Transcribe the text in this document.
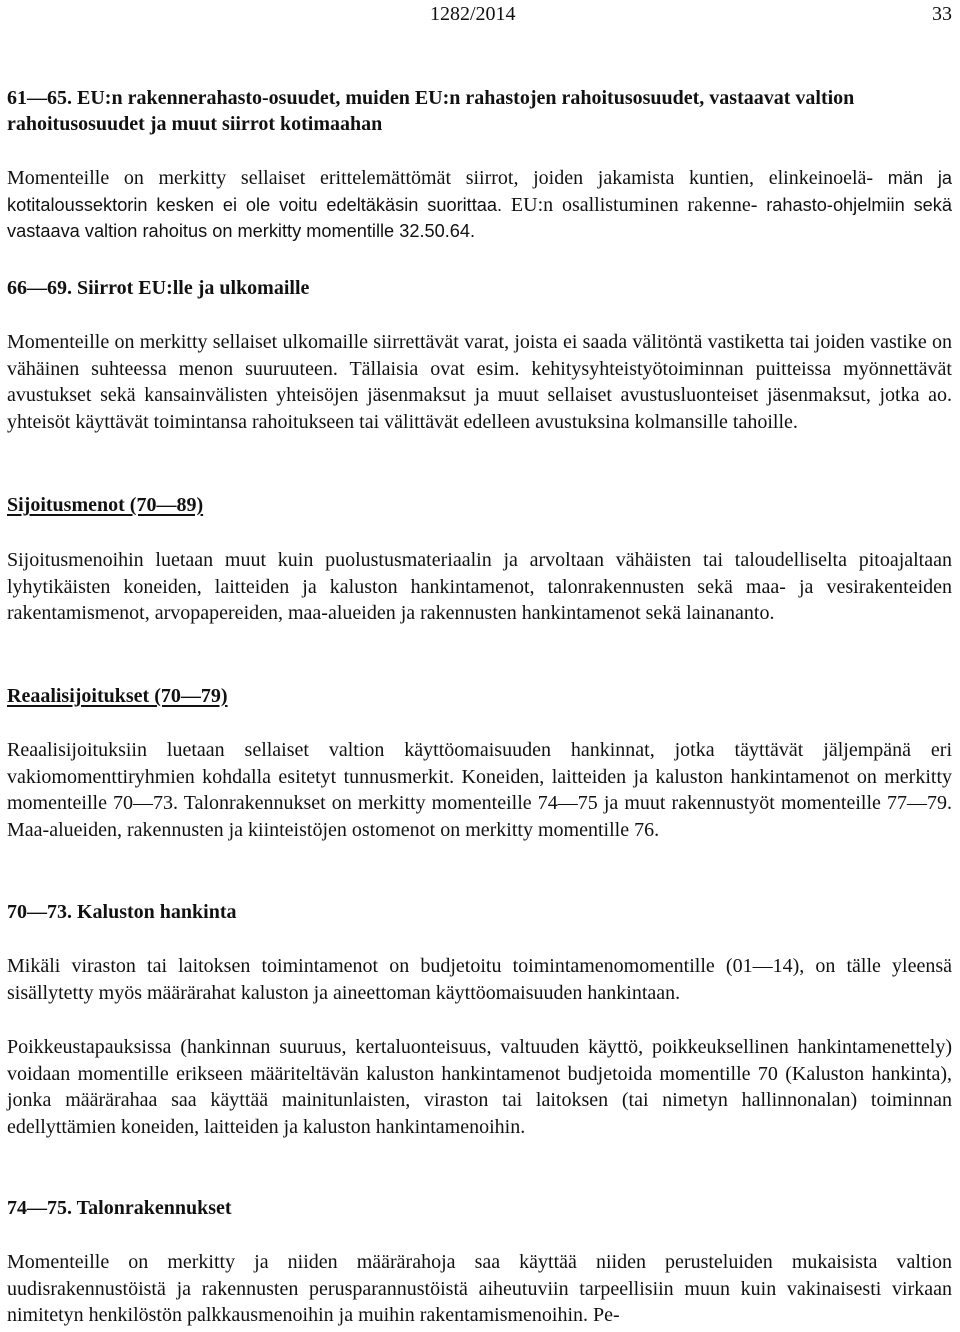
1282/2014	33
61—65. EU:n rakennerahasto-osuudet, muiden EU:n rahastojen rahoitusosuudet, vastaavat valtion rahoitusosuudet ja muut siirrot kotimaahan

Momenteille on merkitty sellaiset erittelemättömät siirrot, joiden jakamista kuntien, elinkeinoelä- män ja kotitaloussektorin kesken ei ole voitu edeltäkäsin suorittaa. EU:n osallistuminen rakenne- rahasto-ohjelmiin sekä vastaava valtion rahoitus on merkitty momentille 32.50.64.

66—69. Siirrot EU:lle ja ulkomaille

Momenteille on merkitty sellaiset ulkomaille siirrettävät varat, joista ei saada välitöntä vastiketta tai joiden vastike on vähäinen suhteessa menon suuruuteen. Tällaisia ovat esim. kehitysyhteistyötoiminnan puitteissa myönnettävät avustukset sekä kansainvälisten yhteisöjen jäsenmaksut ja muut sellaiset avustusluonteiset jäsenmaksut, jotka ao. yhteisöt käyttävät toimintansa rahoitukseen tai välittävät edelleen avustuksina kolmansille tahoille.

Sijoitusmenot (70—89)

Sijoitusmenoihin luetaan muut kuin puolustusmateriaalin ja arvoltaan vähäisten tai taloudelliselta pitoajaltaan lyhytikäisten koneiden, laitteiden ja kaluston hankintamenot, talonrakennusten sekä maa- ja vesirakenteiden rakentamismenot, arvopapereiden, maa-alueiden ja rakennusten hankintamenot sekä lainananto.

Reaalisijoitukset (70—79)

Reaalisijoituksiin luetaan sellaiset valtion käyttöomaisuuden hankinnat, jotka täyttävät jäljempänä eri vakiomomenttiryhmien kohdalla esitetyt tunnusmerkit. Koneiden, laitteiden ja kaluston hankintamenot on merkitty momenteille 70—73. Talonrakennukset on merkitty momenteille 74—75 ja muut rakennustyöt momenteille 77—79. Maa-alueiden, rakennusten ja kiinteistöjen ostomenot on merkitty momentille 76.

70—73. Kaluston hankinta

Mikäli viraston tai laitoksen toimintamenot on budjetoitu toimintamenomomentille (01—14), on tälle yleensä sisällytetty myös määrärahat kaluston ja aineettoman käyttöomaisuuden hankintaan.

Poikkeustapauksissa (hankinnan suuruus, kertaluonteisuus, valtuuden käyttö, poikkeuksellinen hankintamenettely) voidaan momentille erikseen määriteltävän kaluston hankintamenot budjetoida momentille 70 (Kaluston hankinta), jonka määrärahaa saa käyttää mainitunlaisten, viraston tai laitoksen (tai nimetyn hallinnonalan) toiminnan edellyttämien koneiden, laitteiden ja kaluston hankintamenoihin.

74—75. Talonrakennukset

Momenteille on merkitty ja niiden määrärahoja saa käyttää niiden perusteluiden mukaisista valtion uudisrakennustöistä ja rakennusten perusparannustöistä aiheutuviin tarpeellisiin muun kuin vakinaisesti virkaan nimitetyn henkilöstön palkkausmenoihin ja muihin rakentamismenoihin. Pe-
